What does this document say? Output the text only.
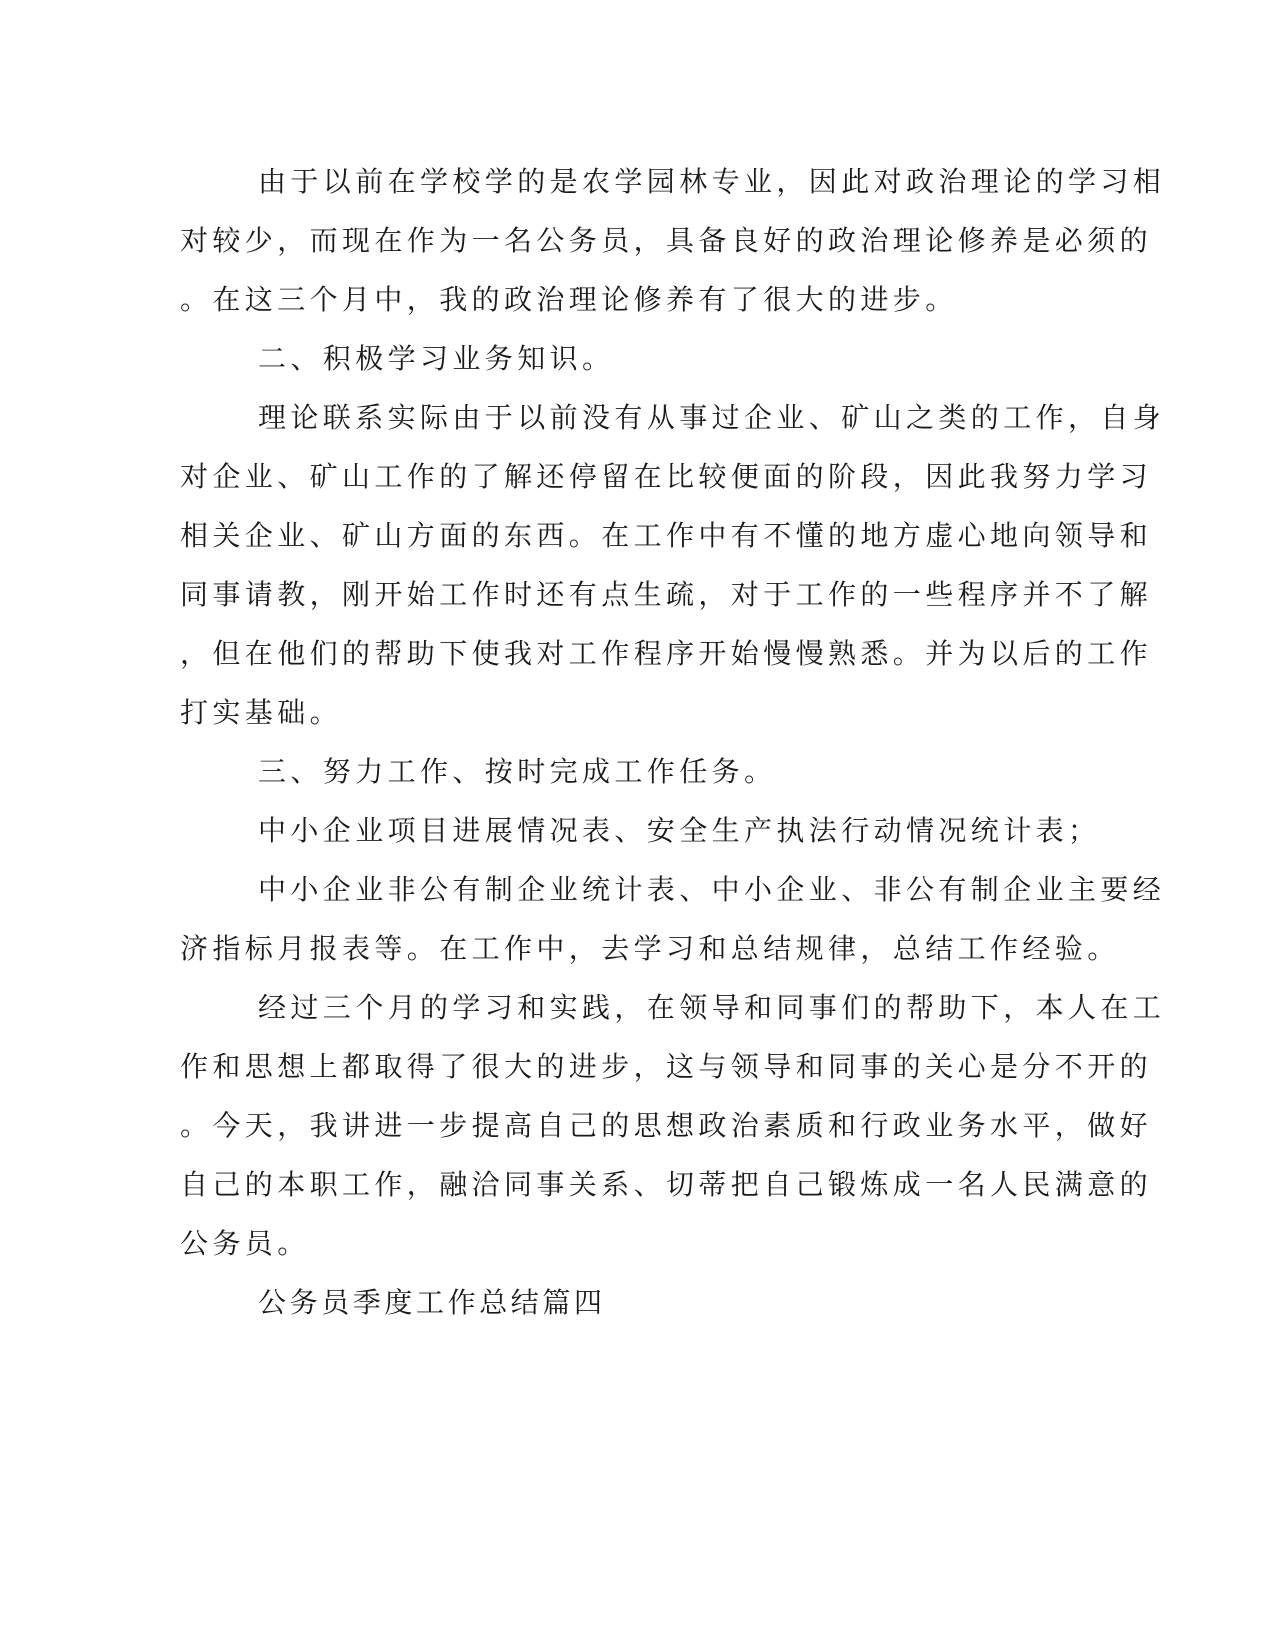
由于以前在学校学的是农学园林专业，因此对政治理论的学习相
对较少，而现在作为一名公务员，具备良好的政治理论修养是必须的
。在这三个月中，我的政治理论修养有了很大的进步。
二、积极学习业务知识。
理论联系实际由于以前没有从事过企业、矿山之类的工作，自身
对企业、矿山工作的了解还停留在比较便面的阶段，因此我努力学习
相关企业、矿山方面的东西。在工作中有不懂的地方虚心地向领导和
同事请教，刚开始工作时还有点生疏，对于工作的一些程序并不了解
，但在他们的帮助下使我对工作程序开始慢慢熟悉。并为以后的工作
打实基础。
三、努力工作、按时完成工作任务。
中小企业项目进展情况表、安全生产执法行动情况统计表；
中小企业非公有制企业统计表、中小企业、非公有制企业主要经
济指标月报表等。在工作中，去学习和总结规律，总结工作经验。
经过三个月的学习和实践，在领导和同事们的帮助下，本人在工
作和思想上都取得了很大的进步，这与领导和同事的关心是分不开的
。今天，我讲进一步提高自己的思想政治素质和行政业务水平，做好
自己的本职工作，融洽同事关系、切蒂把自己锻炼成一名人民满意的
公务员。
公务员季度工作总结篇四
